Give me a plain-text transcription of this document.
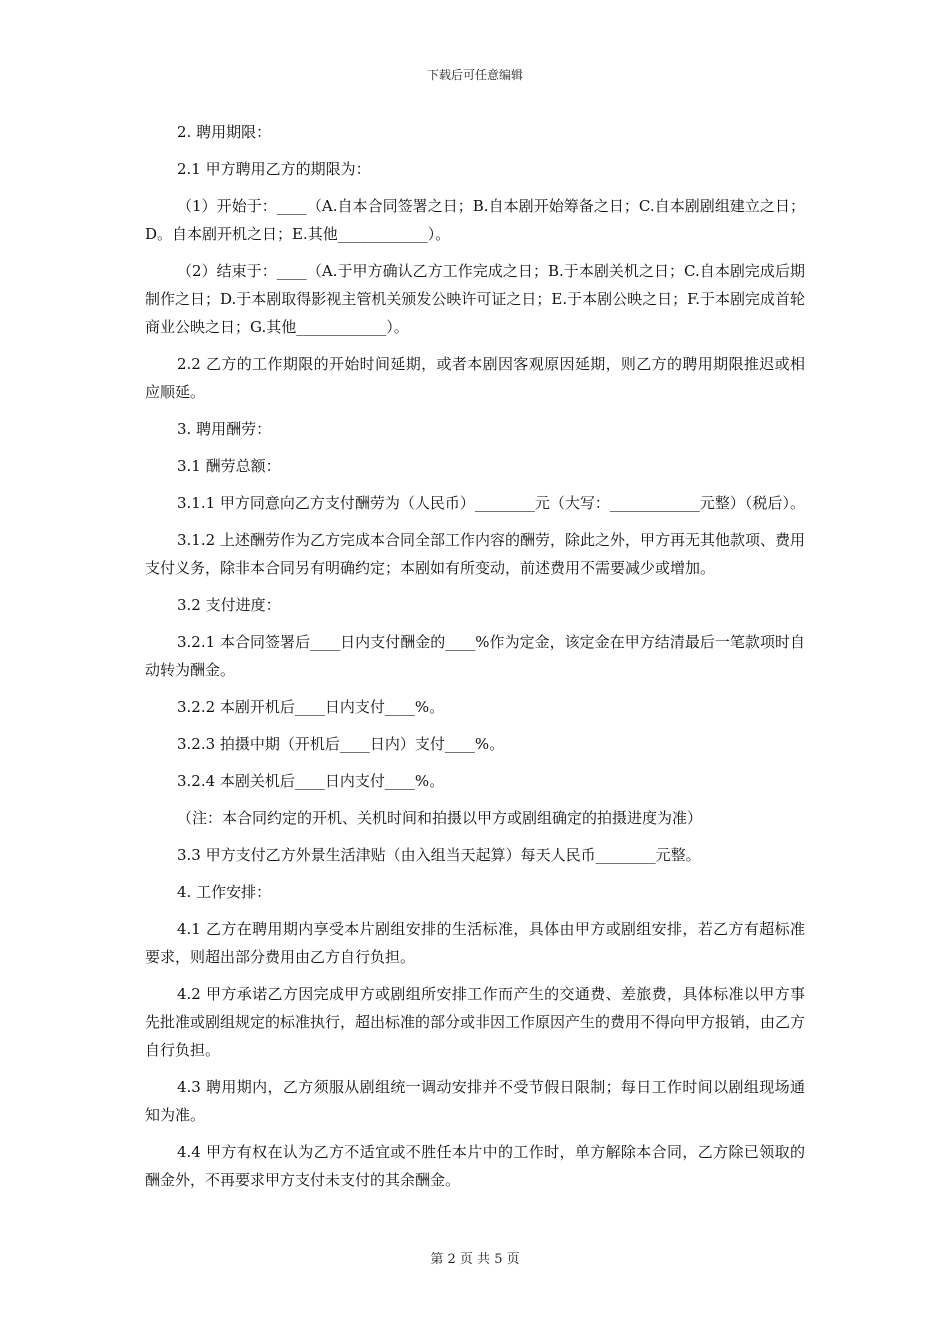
下载后可任意编辑

2. 聘用期限：

2.1 甲方聘用乙方的期限为：

（1）开始于：____（A.自本合同签署之日；B.自本剧开始筹备之日；C.自本剧剧组建立之日；D。自本剧开机之日；E.其他____________）。

（2）结束于：____（A.于甲方确认乙方工作完成之日；B.于本剧关机之日；C.自本剧完成后期制作之日；D.于本剧取得影视主管机关颁发公映许可证之日；E.于本剧公映之日；F.于本剧完成首轮商业公映之日；G.其他____________）。

2.2 乙方的工作期限的开始时间延期，或者本剧因客观原因延期，则乙方的聘用期限推迟或相应顺延。

3. 聘用酬劳：

3.1 酬劳总额：

3.1.1 甲方同意向乙方支付酬劳为（人民币）________元（大写：____________元整）（税后）。

3.1.2 上述酬劳作为乙方完成本合同全部工作内容的酬劳，除此之外，甲方再无其他款项、费用支付义务，除非本合同另有明确约定；本剧如有所变动，前述费用不需要减少或增加。

3.2 支付进度：

3.2.1 本合同签署后____日内支付酬金的____%作为定金，该定金在甲方结清最后一笔款项时自动转为酬金。

3.2.2 本剧开机后____日内支付____%。

3.2.3 拍摄中期（开机后____日内）支付____%。

3.2.4 本剧关机后____日内支付____%。

（注：本合同约定的开机、关机时间和拍摄以甲方或剧组确定的拍摄进度为准）

3.3 甲方支付乙方外景生活津贴（由入组当天起算）每天人民币________元整。

4. 工作安排：

4.1 乙方在聘用期内享受本片剧组安排的生活标准，具体由甲方或剧组安排，若乙方有超标准要求，则超出部分费用由乙方自行负担。

4.2 甲方承诺乙方因完成甲方或剧组所安排工作而产生的交通费、差旅费，具体标准以甲方事先批准或剧组规定的标准执行，超出标准的部分或非因工作原因产生的费用不得向甲方报销，由乙方自行负担。

4.3 聘用期内，乙方须服从剧组统一调动安排并不受节假日限制；每日工作时间以剧组现场通知为准。

4.4 甲方有权在认为乙方不适宜或不胜任本片中的工作时，单方解除本合同，乙方除已领取的酬金外，不再要求甲方支付未支付的其余酬金。

第 2 页 共 5 页
